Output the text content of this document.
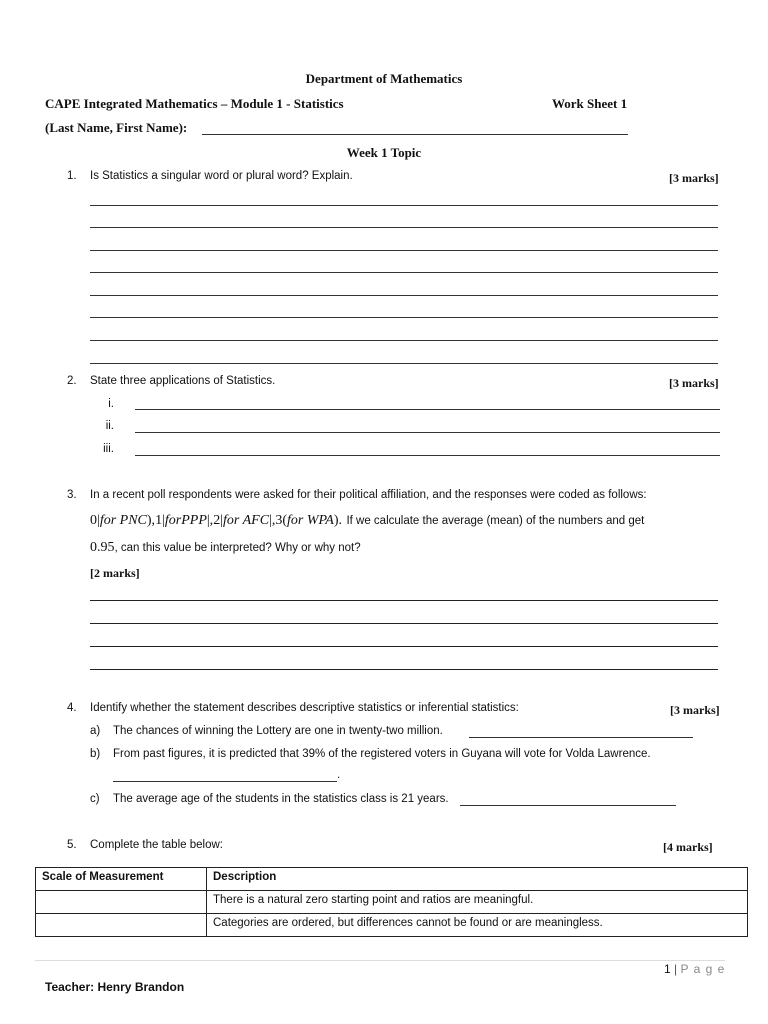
Department of Mathematics
CAPE Integrated Mathematics – Module 1 - Statistics	Work Sheet 1
(Last Name, First Name):
Week 1 Topic
1. Is Statistics a singular word or plural word? Explain.	[3 marks]
2. State three applications of Statistics.	[3 marks]
i.
ii.
iii.
3. In a recent poll respondents were asked for their political affiliation, and the responses were coded as follows:
0|for PNC),1|forPPP|,2|for AFC|,3(for WPA). If we calculate the average (mean) of the numbers and get
0.95, can this value be interpreted? Why or why not?
[2 marks]
4. Identify whether the statement describes descriptive statistics or inferential statistics:	[3 marks]
a) The chances of winning the Lottery are one in twenty-two million.
b) From past figures, it is predicted that 39% of the registered voters in Guyana will vote for Volda Lawrence.
.
c) The average age of the students in the statistics class is 21 years.
5. Complete the table below:	[4 marks]
Scale of Measurement	Description
	There is a natural zero starting point and ratios are meaningful.
	Categories are ordered, but differences cannot be found or are meaningless.
1 | P a g e
Teacher: Henry Brandon
